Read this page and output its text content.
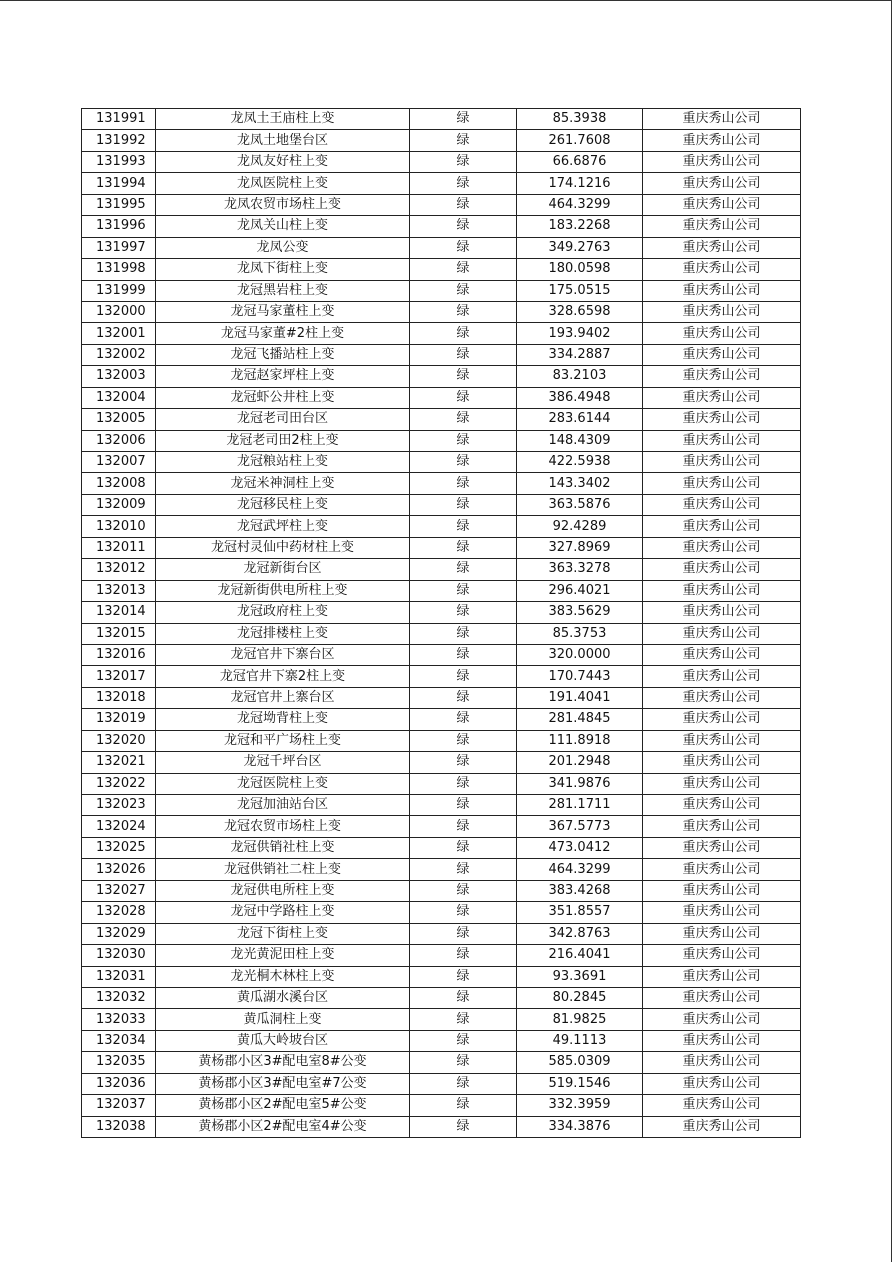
131991	龙凤土王庙柱上变	绿	85.3938	重庆秀山公司
131992	龙凤土地堡台区	绿	261.7608	重庆秀山公司
131993	龙凤友好柱上变	绿	66.6876	重庆秀山公司
131994	龙凤医院柱上变	绿	174.1216	重庆秀山公司
131995	龙凤农贸市场柱上变	绿	464.3299	重庆秀山公司
131996	龙凤关山柱上变	绿	183.2268	重庆秀山公司
131997	龙凤公变	绿	349.2763	重庆秀山公司
131998	龙凤下街柱上变	绿	180.0598	重庆秀山公司
131999	龙冠黑岩柱上变	绿	175.0515	重庆秀山公司
132000	龙冠马家董柱上变	绿	328.6598	重庆秀山公司
132001	龙冠马家董#2柱上变	绿	193.9402	重庆秀山公司
132002	龙冠飞播站柱上变	绿	334.2887	重庆秀山公司
132003	龙冠赵家坪柱上变	绿	83.2103	重庆秀山公司
132004	龙冠虾公井柱上变	绿	386.4948	重庆秀山公司
132005	龙冠老司田台区	绿	283.6144	重庆秀山公司
132006	龙冠老司田2柱上变	绿	148.4309	重庆秀山公司
132007	龙冠粮站柱上变	绿	422.5938	重庆秀山公司
132008	龙冠米神洞柱上变	绿	143.3402	重庆秀山公司
132009	龙冠移民柱上变	绿	363.5876	重庆秀山公司
132010	龙冠武坪柱上变	绿	92.4289	重庆秀山公司
132011	龙冠村灵仙中药材柱上变	绿	327.8969	重庆秀山公司
132012	龙冠新街台区	绿	363.3278	重庆秀山公司
132013	龙冠新街供电所柱上变	绿	296.4021	重庆秀山公司
132014	龙冠政府柱上变	绿	383.5629	重庆秀山公司
132015	龙冠排楼柱上变	绿	85.3753	重庆秀山公司
132016	龙冠官井下寨台区	绿	320.0000	重庆秀山公司
132017	龙冠官井下寨2柱上变	绿	170.7443	重庆秀山公司
132018	龙冠官井上寨台区	绿	191.4041	重庆秀山公司
132019	龙冠坳背柱上变	绿	281.4845	重庆秀山公司
132020	龙冠和平广场柱上变	绿	111.8918	重庆秀山公司
132021	龙冠千坪台区	绿	201.2948	重庆秀山公司
132022	龙冠医院柱上变	绿	341.9876	重庆秀山公司
132023	龙冠加油站台区	绿	281.1711	重庆秀山公司
132024	龙冠农贸市场柱上变	绿	367.5773	重庆秀山公司
132025	龙冠供销社柱上变	绿	473.0412	重庆秀山公司
132026	龙冠供销社二柱上变	绿	464.3299	重庆秀山公司
132027	龙冠供电所柱上变	绿	383.4268	重庆秀山公司
132028	龙冠中学路柱上变	绿	351.8557	重庆秀山公司
132029	龙冠下街柱上变	绿	342.8763	重庆秀山公司
132030	龙光黄泥田柱上变	绿	216.4041	重庆秀山公司
132031	龙光桐木林柱上变	绿	93.3691	重庆秀山公司
132032	黄瓜湖水溪台区	绿	80.2845	重庆秀山公司
132033	黄瓜洞柱上变	绿	81.9825	重庆秀山公司
132034	黄瓜大岭坡台区	绿	49.1113	重庆秀山公司
132035	黄杨郡小区3#配电室8#公变	绿	585.0309	重庆秀山公司
132036	黄杨郡小区3#配电室#7公变	绿	519.1546	重庆秀山公司
132037	黄杨郡小区2#配电室5#公变	绿	332.3959	重庆秀山公司
132038	黄杨郡小区2#配电室4#公变	绿	334.3876	重庆秀山公司
